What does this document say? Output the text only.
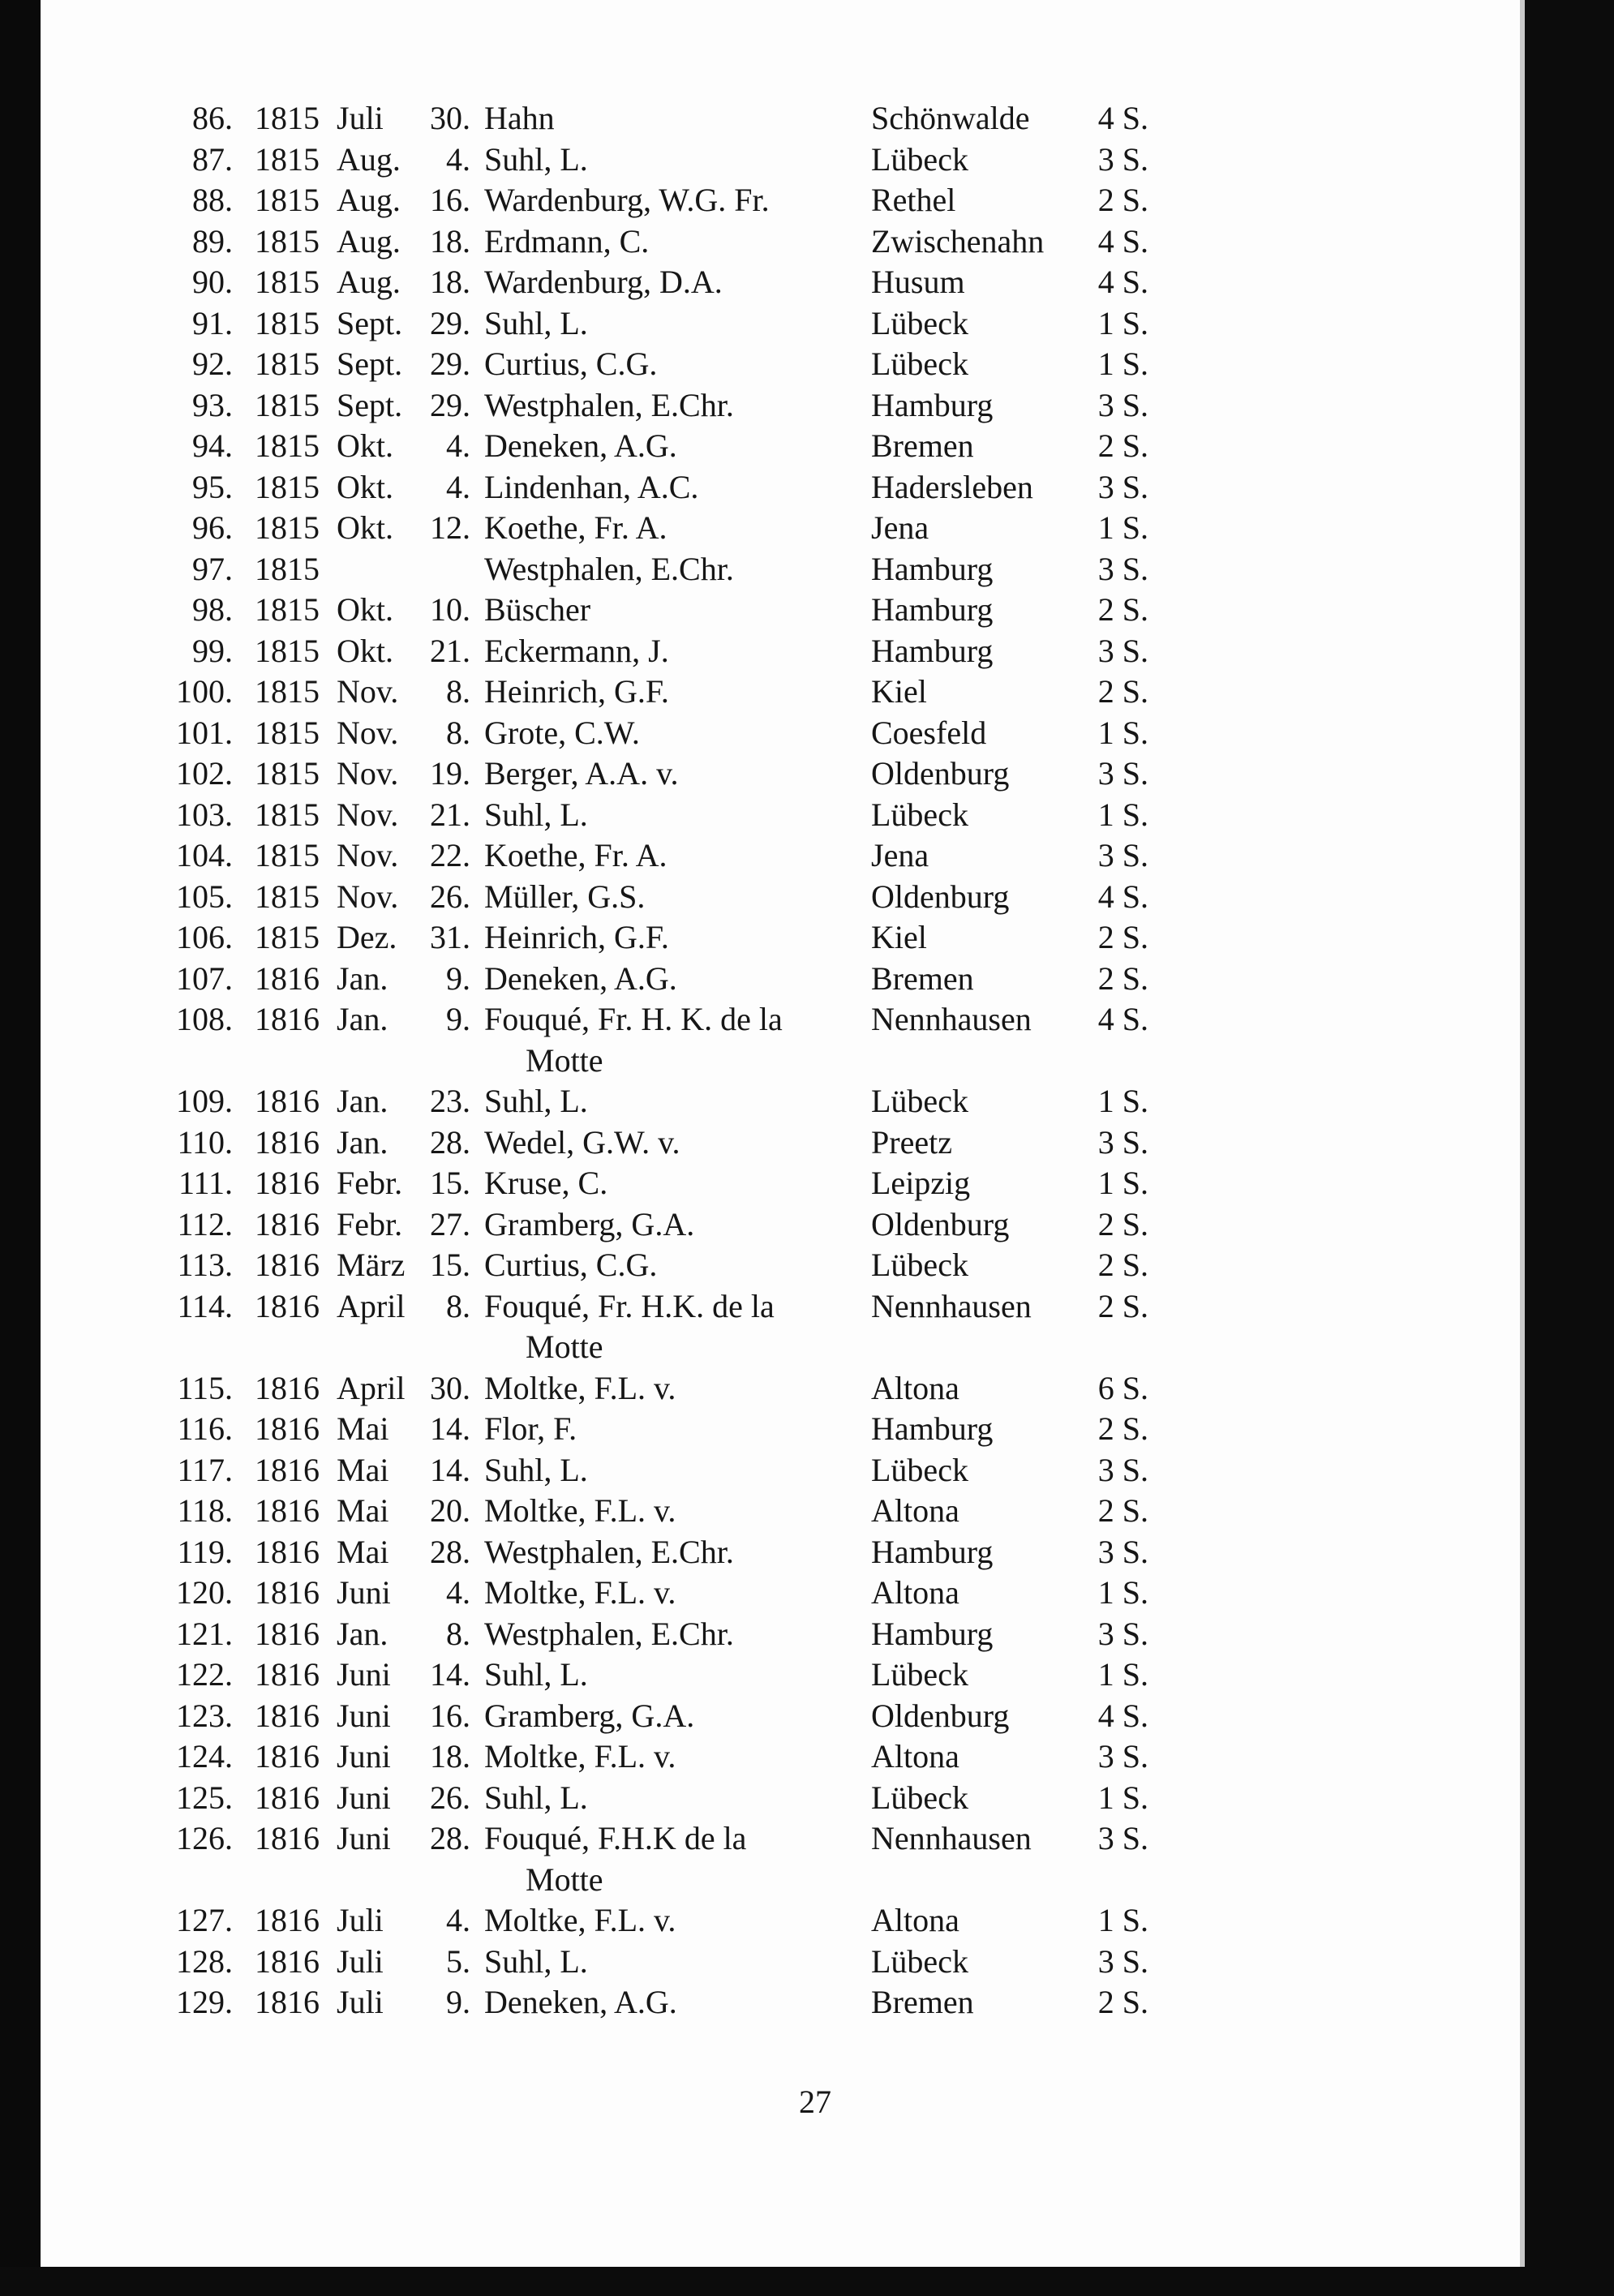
86. 1815 Juli	30. Hahn	Schönwalde 4 S.
87. 1815 Aug.	4. Suhl, L.	Lübeck	3 S.
88. 1815 Aug. 16. Wardenburg, W.G. Fr.	Rethel	2 S.
89. 1815 Aug. 18. Erdmann, C.	Zwischenahn 4 S.
90. 1815 Aug. 18. Wardenburg, D.A.	Husum	4 S.
91. 1815 Sept. 29. Suhl, L.	Lübeck	1 S.
92. 1815 Sept. 29. Curtius, C.G.	Lübeck	1 S.
93. 1815 Sept. 29. Westphalen, E.Chr.	Hamburg	3 S.
94. 1815 Okt.	4. Deneken, A.G.	Bremen	2 S.
95. 1815 Okt.	4. Lindenhan, A.C.	Hadersleben 3 S.
96. 1815 Okt.	12. Koethe, Fr. A.	Jena	1 S.
97. 1815	Westphalen, E.Chr.	Hamburg	3 S.
98. 1815 Okt.	10. Büscher	Hamburg	2 S.
99. 1815 Okt.	21. Eckermann, J.	Hamburg	3 S.
100. 1815 Nov.	8. Heinrich, G.F.	Kiel	2 S.
101. 1815 Nov.	8. Grote, C.W.	Coesfeld	1 S.
102. 1815 Nov. 19. Berger, A.A. v.	Oldenburg	3 S.
103. 1815 Nov. 21. Suhl, L.	Lübeck	1 S.
104. 1815 Nov. 22. Koethe, Fr. A.	Jena	3 S.
105. 1815 Nov. 26. Müller, G.S.	Oldenburg	4 S.
106. 1815 Dez.	31. Heinrich, G.F.	Kiel	2 S.
107. 1816 Jan.	9. Deneken, A.G.	Bremen	2 S.
108. 1816 Jan.	9. Fouqué, Fr. H. K. de la	Nennhausen 4 S.
Motte
109. 1816 Jan.	23. Suhl, L.	Lübeck	1 S.
110. 1816 Jan.	28. Wedel, G.W. v.	Preetz	3 S.
111. 1816 Febr. 15. Kruse, C.	Leipzig	1 S.
112. 1816 Febr. 27. Gramberg, G.A.	Oldenburg	2 S.
113. 1816 März 15. Curtius, C.G.	Lübeck	2 S.
114. 1816 April	8. Fouqué, Fr. H.K. de la	Nennhausen 2 S.
Motte
115. 1816 April 30. Moltke, F.L. v.	Altona	6 S.
116. 1816 Mai	14. Flor, F.	Hamburg	2 S.
117. 1816 Mai	14. Suhl, L.	Lübeck	3 S.
118. 1816 Mai	20. Moltke, F.L. v.	Altona	2 S.
119. 1816 Mai	28. Westphalen, E.Chr.	Hamburg	3 S.
120. 1816 Juni	4. Moltke, F.L. v.	Altona	1 S.
121. 1816 Jan.	8. Westphalen, E.Chr.	Hamburg	3 S.
122. 1816 Juni	14. Suhl, L.	Lübeck	1 S.
123. 1816 Juni	16. Gramberg, G.A.	Oldenburg	4 S.
124. 1816 Juni	18. Moltke, F.L. v.	Altona	3 S.
125. 1816 Juni	26. Suhl, L.	Lübeck	1 S.
126. 1816 Juni	28. Fouqué, F.H.K de la	Nennhausen 3 S.
Motte
127. 1816 Juli	4. Moltke, F.L. v.	Altona	1 S.
128. 1816 Juli	5. Suhl, L.	Lübeck	3 S.
129. 1816 Juli	9. Deneken, A.G.	Bremen	2 S.
27
